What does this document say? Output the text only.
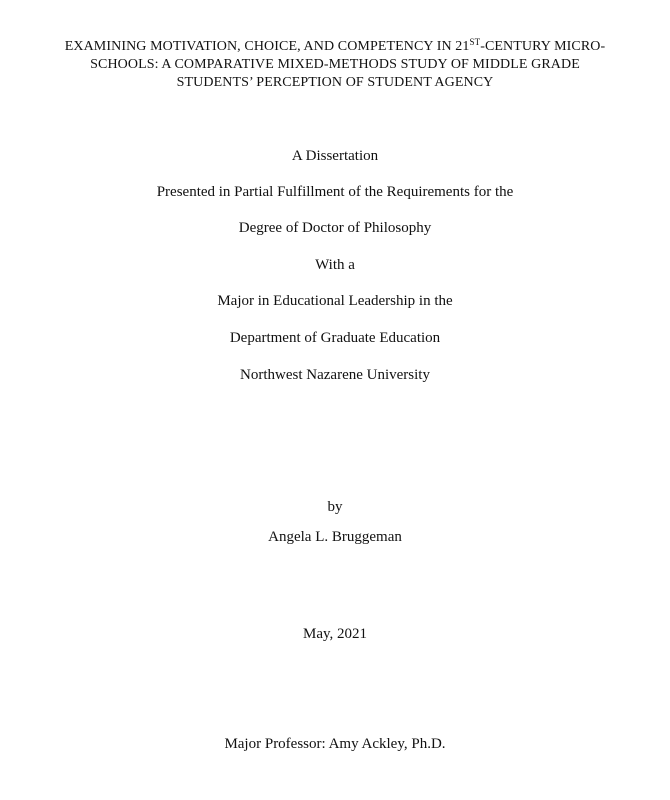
EXAMINING MOTIVATION, CHOICE, AND COMPETENCY IN 21ST-CENTURY MICRO-
SCHOOLS: A COMPARATIVE MIXED-METHODS STUDY OF MIDDLE GRADE
STUDENTS’ PERCEPTION OF STUDENT AGENCY
A Dissertation
Presented in Partial Fulfillment of the Requirements for the
Degree of Doctor of Philosophy
With a
Major in Educational Leadership in the
Department of Graduate Education
Northwest Nazarene University
by
Angela L. Bruggeman
May, 2021
Major Professor: Amy Ackley, Ph.D.
